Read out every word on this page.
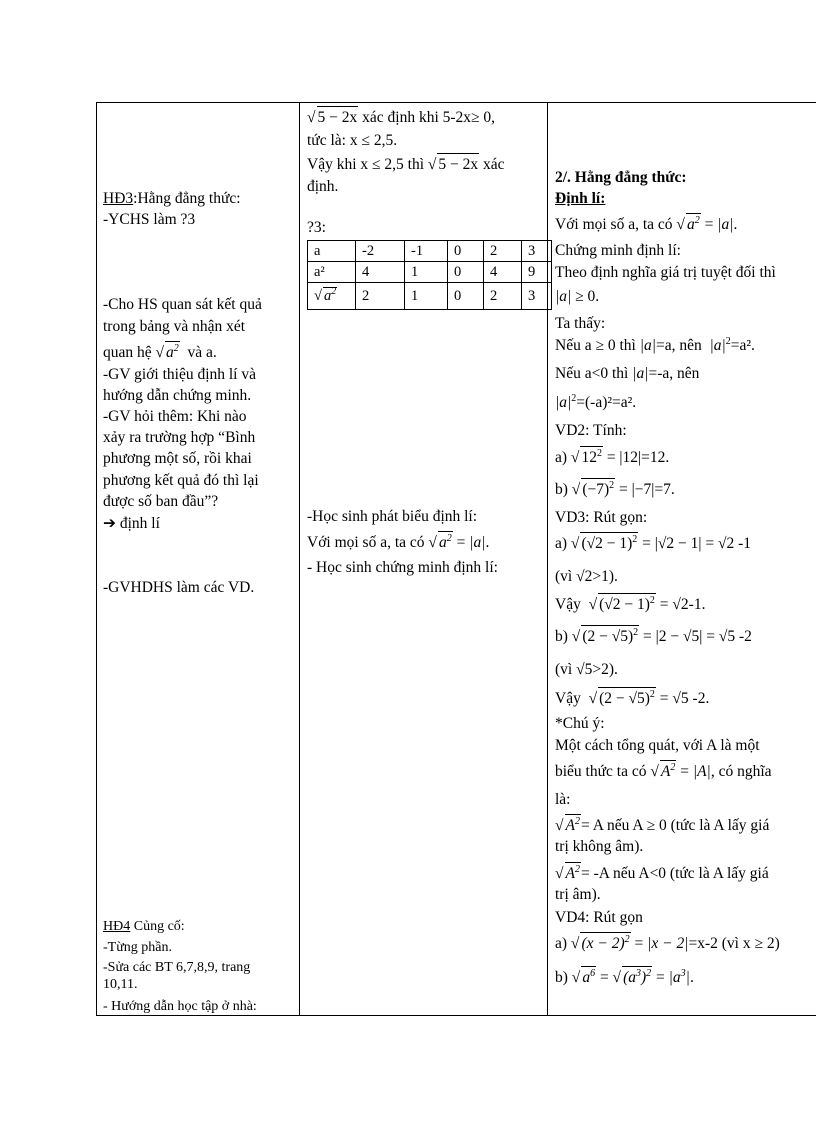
HĐ3:Hằng đẳng thức:
-YCHS làm ?3
-Cho HS quan sát kết quả
trong bảng và nhận xét
quan hệ √ $a^2$ và a.
-GV giới thiệu định lí và
hướng dẫn chứng minh.
-GV hỏi thêm: Khi nào
xảy ra trường hợp “Bình
phương một số, rồi khai
phương kết quả đó thì lại
được số ban đầu”?
➔ định lí
-GVHDHS làm các VD.
HĐ4 Củng cố:
-Từng phần.
-Sửa các BT 6,7,8,9, trang
10,11.
- Hướng dẫn học tập ở nhà:
√ 5 − 2x xác định khi 5-2x≥ 0,
tức là: x ≤ 2,5.
Vậy khi x ≤ 2,5 thì √ 5 − 2x xác
định.
?3:
a	-2	-1	0	2	3
a²	4	1	0	4	9
√ $a^2$	2	1	0	2	3
-Học sinh phát biểu định lí:
Với mọi số a, ta có √ $a^2 = |a|$.
- Học sinh chứng minh định lí:
2/. Hằng đẳng thức:
Định lí:
Với mọi số a, ta có √ $a^2 = |a|$.
Chứng minh định lí:
Theo định nghĩa giá trị tuyệt đối thì
|a| ≥ 0.
Ta thấy:
Nếu a ≥ 0 thì |a|=a, nên $|a|^2=a^2$.
Nếu a<0 thì |a|=-a, nên
$|a|^2=(-a)^2=a^2$.
VD2: Tính:
a) √ $12^2 = |12|=12$.
b) √ $(-7)^2 = |-7|=7$.
VD3: Rút gọn:
a) √ $(√2 - 1)^2 = |√2 - 1| = √2$ -1
(vì √2>1).
Vậy  √ $(√2 - 1)^2 = √2-1$.
b) √ $(2 - √5)^2 = |2 - √5| = √5$ -2
(vì √5>2).
Vậy  √ $(2 - √5)^2 = √5$ -2.
*Chú ý:
Một cách tổng quát, với A là một
biểu thức ta có √ $A^2 = |A|$, có nghĩa
là:
√ $A^2= A$ nếu A ≥ 0 (tức là A lấy giá
trị không âm).
√ $A^2= -A$ nếu A<0 (tức là A lấy giá
trị âm).
VD4: Rút gọn
a) √ $(x - 2)^2 = |x - 2|=x-2$ (vì x ≥ 2)
b) √ $a^6$ = √ $(a^3)^2 = |a^3|$.
